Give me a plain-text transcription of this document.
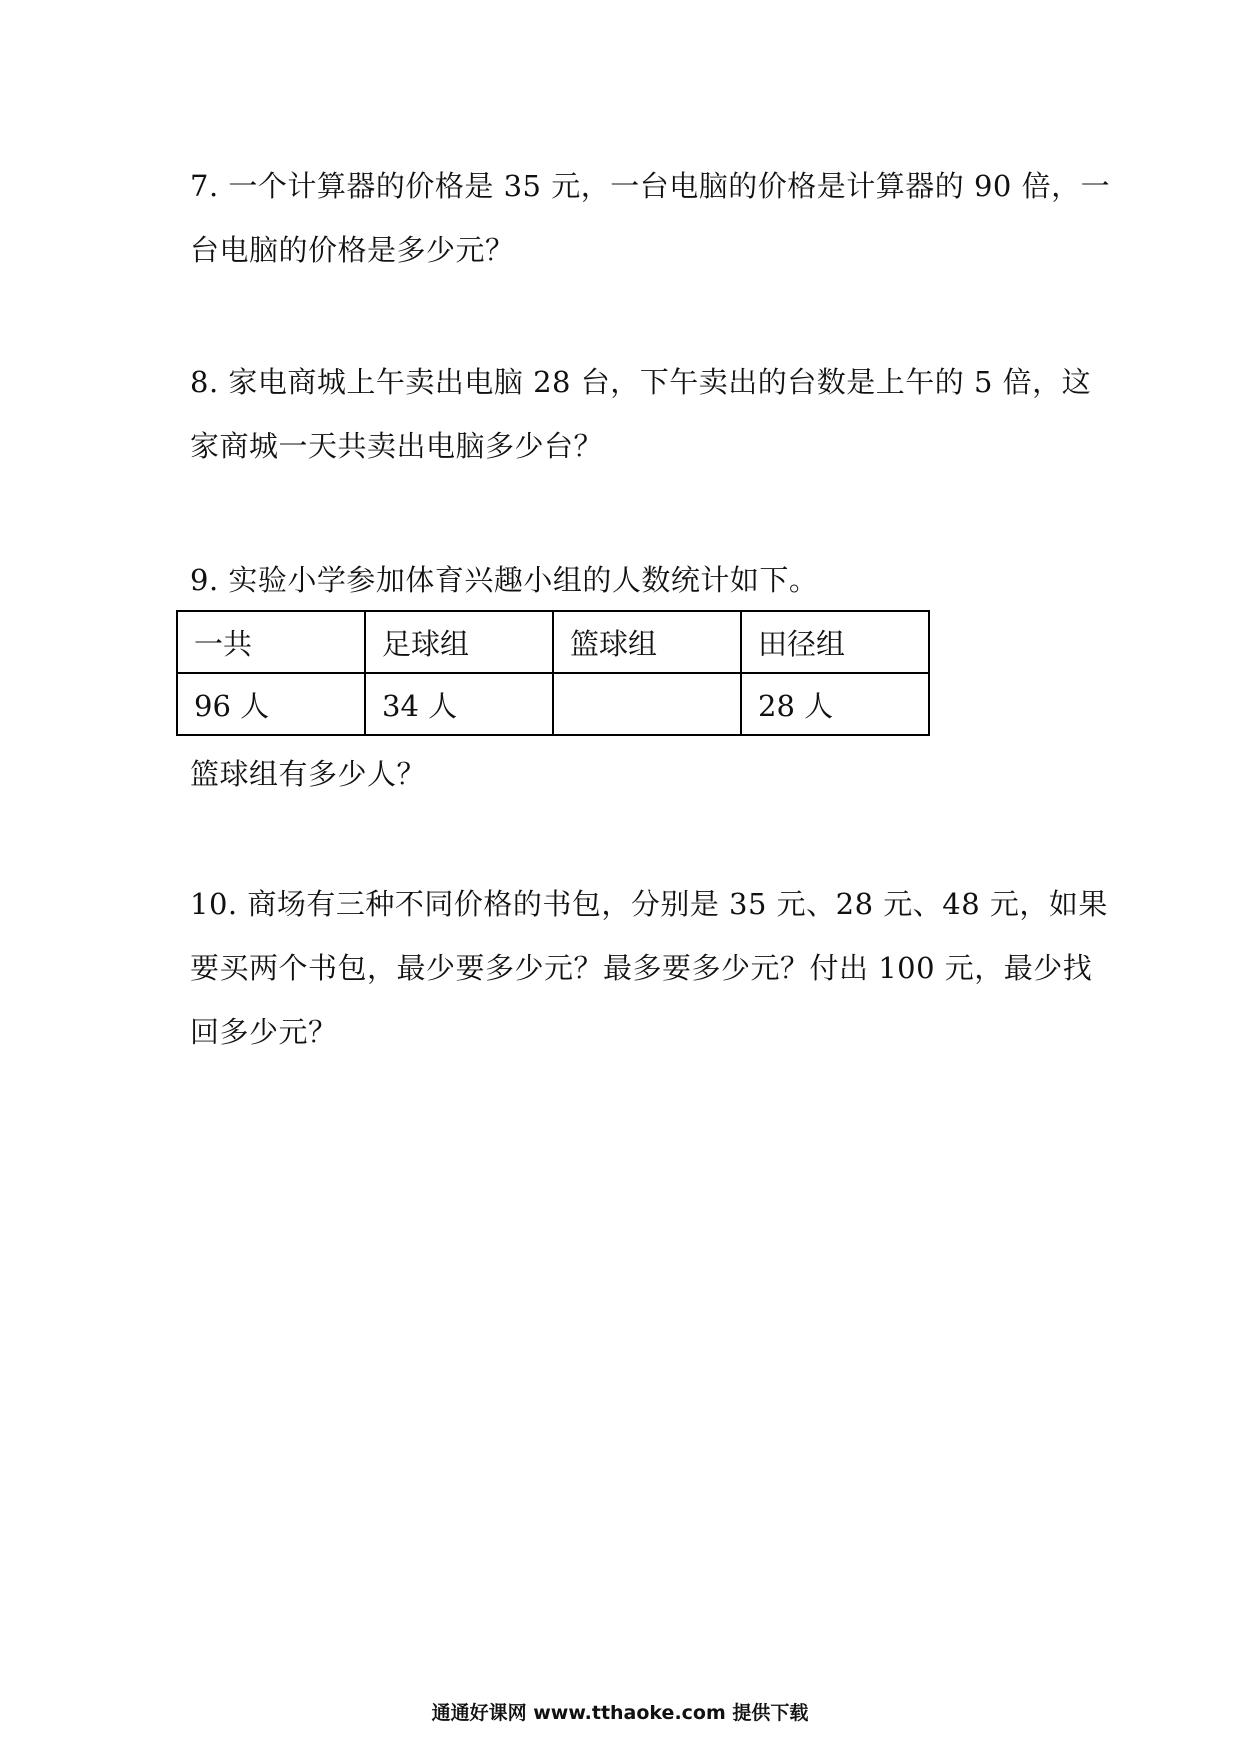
7. 一个计算器的价格是 35 元，一台电脑的价格是计算器的 90 倍，一
台电脑的价格是多少元？

8. 家电商城上午卖出电脑 28 台，下午卖出的台数是上午的 5 倍，这
家商城一天共卖出电脑多少台？

9. 实验小学参加体育兴趣小组的人数统计如下。

一共	足球组	篮球组	田径组
96 人	34 人		28 人

篮球组有多少人？

10. 商场有三种不同价格的书包，分别是 35 元、28 元、48 元，如果
要买两个书包，最少要多少元？最多要多少元？付出 100 元，最少找
回多少元？

通通好课网 www.tthaoke.com 提供下载
